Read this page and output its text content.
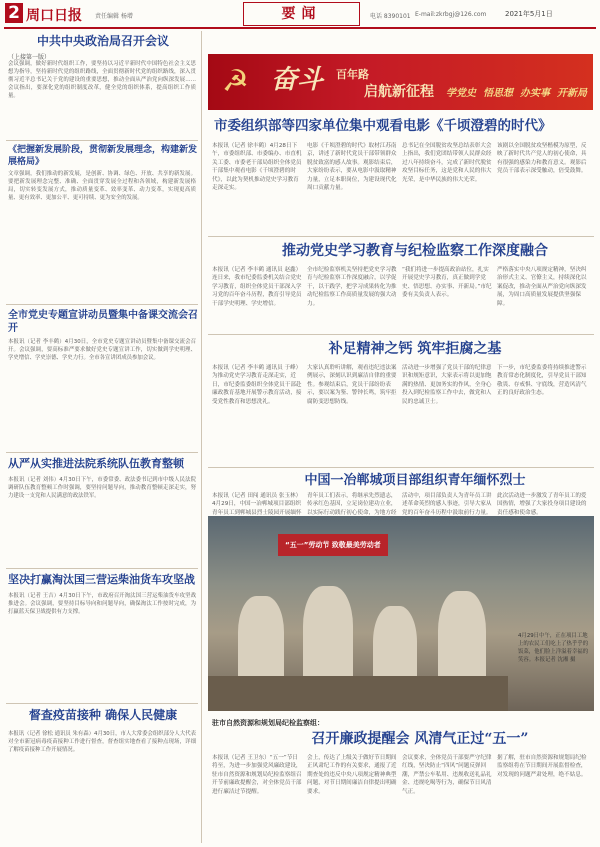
2 周口日报 责任编辑 杨增	电话 8390101 E-mail:zkrbgj@126.com
要闻	2021年5月1日
中共中央政治局召开会议
（上接第一版）
会议强调，做好新时代组织工作，要坚持以习近平新时代中国特色社会主义思想为指导，坚持新时代党的组织路线，全面贯彻新时代党的组织路线，深入贯彻习近平总书记关于党的建设的重要思想，推动全面从严治党向纵深发展……会议指出，要深化党的组织制度改革，健全党的组织体系，提高组织工作质量。
《把握新发展阶段，贯彻新发展理念，构建新发展格局》
文章强调，我们推动的新发展，是创新、协调、绿色、开放、共享的新发展。要把新发展理念完整、准确、全面贯穿发展全过程和各领域，构建新发展格局，切实转变发展方式，推动质量变革、效率变革、动力变革，实现更高质量、更有效率、更加公平、更可持续、更为安全的发展。
全市党史专题宣讲动员暨集中备课交流会召开
本报讯（记者 李丰鹤）4月30日，全市党史专题宣讲动员暨集中备课交流会召开。会议强调，要高标准严要求做好党史专题宣讲工作，切实做到学史明理、学史增信、学史崇德、学史力行。全市各宣讲团成员参加会议。
从严从实推进法院系统队伍教育整顿
本报讯（记者 刘伟）4月30日下午，市委常委、政法委书记到市中级人民法院调研队伍教育整顿工作时强调，要坚持问题导向，推动教育整顿走深走实，努力建设一支党和人民满意的政法铁军。
坚决打赢淘汰国三营运柴油货车攻坚战
本报讯（记者 王吉）4月30日下午，市政府召开淘汰国三营运柴油货车攻坚战推进会。会议强调，要坚持目标导向和问题导向，确保淘汰工作按时完成，为打赢蓝天保卫战提供有力支撑。
督查疫苗接种 确保人民健康
本报讯（记者 徐松 通讯员 朱有森）4月30日，市人大常委会组织部分人大代表对全市新冠病毒疫苗接种工作进行督查，督查组实地查看了接种点现场，详细了解疫苗接种工作开展情况。
☭ 奋斗 百年路
启航新征程 学党史 悟思想 办实事 开新局
市委组织部等四家单位集中观看电影《千顷澄碧的时代》
本报讯（记者 徐丰鹤）4月28日下午，市委组织部、市委编办、市直机关工委、市委老干部局组织全体党员干部集中观看电影《千顷澄碧的时代》，以此为契机推动党史学习教育走深走实。
电影《千顷澄碧的时代》取材江苏南京，讲述了新时代党员干部带领群众脱贫致富的感人故事。观影结束后，大家纷纷表示，要从电影中汲取精神力量，立足本职岗位，为建设现代化周口贡献力量。
总书记在全国脱贫攻坚总结表彰大会上指出，我们党团结带领人民群众经过八年持续奋斗，完成了新时代脱贫攻坚目标任务，这是党和人民的伟大光荣，是中华民族的伟大光荣。
该剧以全国脱贫攻坚楷模为原型，反映了新时代共产党人的初心使命，具有很强的感染力和教育意义。观影后党员干部表示深受触动，倍受鼓舞。
推动党史学习教育与纪检监察工作深度融合
本报讯（记者 李丰鹤 通讯员 赵鑫）连日来，我市纪委监委机关结合党史学习教育，组织全体党员干部深入学习党的百年奋斗历程，教育引导党员干部学史明理、学史增信。
全市纪检监察机关坚持把党史学习教育与纪检监察工作深度融合，以学促干，以干践学，把学习成果转化为推动纪检监察工作高质量发展的强大动力。
“我们将进一步提高政治站位，扎实开展党史学习教育，真正做到学党史、悟思想、办实事、开新局。”市纪委有关负责人表示。
严格落实中央八项规定精神，坚决纠治形式主义、官僚主义，持续深化以案促改，推动全面从严治党向纵深发展，为周口高质量发展提供坚强保障。
补足精神之钙 筑牢拒腐之基
本报讯（记者 李丰鹤 通讯员 于峰）为推动党史学习教育走深走实，近日，市纪委监委组织全体党员干部赴廉政教育基地开展警示教育活动，接受党性教育和思想洗礼。
大家认真聆听讲解，观看违纪违法案例展示，深刻认识到廉洁自律的重要性。参观结束后，党员干部纷纷表示，要以案为鉴、警钟长鸣，筑牢拒腐防变思想防线。
活动进一步增强了党员干部的纪律意识和规矩意识，大家表示将以更加饱满的热情、更加务实的作风，全身心投入到纪检监察工作中去，做党和人民的忠诚卫士。
下一步，市纪委监委将持续推进警示教育常态化制度化，引导党员干部知敬畏、存戒惧、守底线，营造风清气正的良好政治生态。
中国一冶郸城项目部组织青年缅怀烈士
本报讯（记者 田闯 通讯员 张玉林）4月29日，中国一冶郸城项目部组织青年员工到郸城县烈士陵园开展缅怀
青年员工们表示，将继承先烈遗志，传承红色基因，立足岗位建功立业，以实际行动践行初心使命，为地方经
活动中，项目部负责人为青年员工讲述革命英烈的感人事迹，引导大家从党的百年奋斗历程中汲取前行力量。
此次活动进一步激发了青年员工的爱国热情，增强了大家投身项目建设的责任感和使命感。
“五一”劳动节 致敬最美劳动者
4月29日中午，正在项目工地上的农民工们吃上了热乎乎的饭菜，他们脸上洋溢着幸福的笑容。本报记者 沈湘 摄
驻市自然资源和规划局纪检监察组：
召开廉政提醒会 风清气正过“五一”
本报讯（记者 王卫东）“五一”节日将至，为进一步加强党风廉政建设，驻市自然资源和规划局纪检监察组召开节前廉政提醒会，对全体党员干部进行廉洁过节提醒。
会上，传达了上级关于做好节日期间正风肃纪工作的有关要求，通报了近期查处的违反中央八项规定精神典型问题，对节日期间廉洁自律提出明确要求。
会议要求，全体党员干部要严守纪律红线，坚决防止“四风”问题反弹回潮，严禁公车私用、违规收送礼品礼金、违规吃喝等行为，确保节日风清气正。
据了解，驻市自然资源和规划局纪检监察组将在节日期间开展监督检查，对发现的问题严肃处理，绝不姑息。
